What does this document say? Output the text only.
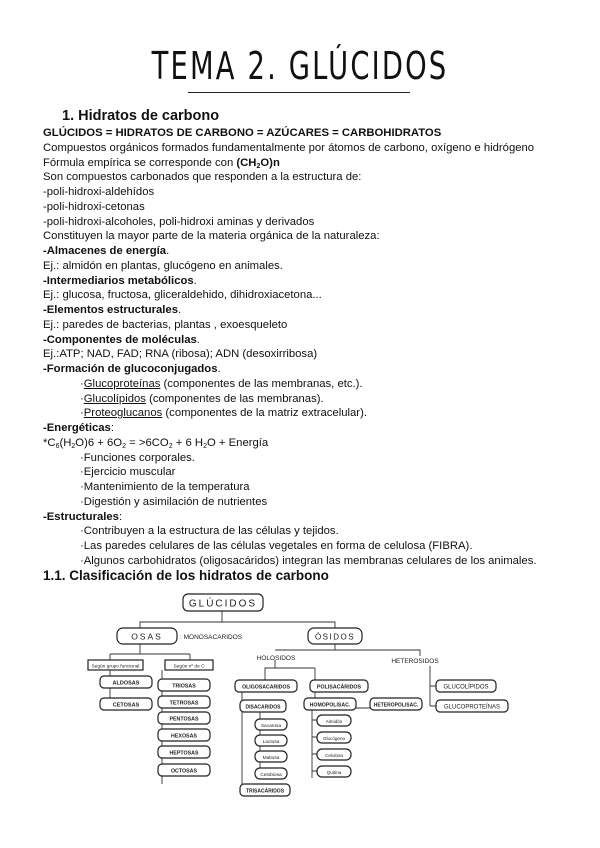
TEMA 2. GLÚCIDOS
1. Hidratos de carbono
GLÚCIDOS = HIDRATOS DE CARBONO = AZÚCARES = CARBOHIDRATOS
Compuestos orgánicos formados fundamentalmente por átomos de carbono, oxígeno e hidrógeno
Fórmula empírica se corresponde con $(CH_2O)n$
Son compuestos carbonados que responden a la estructura de:
-poli-hidroxi-aldehídos
-poli-hidroxi-cetonas
-poli-hidroxi-alcoholes, poli-hidroxi aminas y derivados
Constituyen la mayor parte de la materia orgánica de la naturaleza:
-Almacenes de energía.
Ej.: almidón en plantas, glucógeno en animales.
-Intermediarios metabólicos.
Ej.: glucosa, fructosa, gliceraldehido, dihidroxiacetona...
-Elementos estructurales.
Ej.: paredes de bacterias, plantas , exoesqueleto
-Componentes de moléculas.
Ej.:ATP; NAD, FAD; RNA (ribosa); ADN (desoxirribosa)
-Formación de glucoconjugados.
·Glucoproteínas (componentes de las membranas, etc.).
·Glucolípidos (componentes de las membranas).
·Proteoglucanos (componentes de la matriz extracelular).
-Energéticas:
$*C_6(H_2O)6 + 6O_2 = >6CO_2 + 6$ $H_2O$ + Energía
·Funciones corporales.
·Ejercicio muscular
·Mantenimiento de la temperatura
·Digestión y asimilación de nutrientes
-Estructurales:
·Contribuyen a la estructura de las células y tejidos.
·Las paredes celulares de las células vegetales en forma de celulosa (FIBRA).
·Algunos carbohidratos (oligosacáridos) integran las membranas celulares de los animales.
1.1. Clasificación de los hidratos de carbono
GLÚCIDOS
OSAS	: MONOSACARIDOS	ÓSIDOS
Según grupo funcional	Según nº de C
ALDOSAS
CETOSAS
TRIOSAS
TETROSAS
PENTOSAS
HEXOSAS
HEPTOSAS
OCTOSAS
HOLOSIDOS	HETEROSIDOS
OLIGOSACARIDOS
DISACARIDOS
Sacarosa
Lactosa
Maltosa
Celobiosa
TRISACÁRIDOS
POLISACÁRIDOS
HOMOPOLISAC.
Almidón
Glucógeno
Celulosa
Quitina
HETEROPOLISAC.
GLUCOLÍPIDOS
GLUCOPROTEÍNAS
